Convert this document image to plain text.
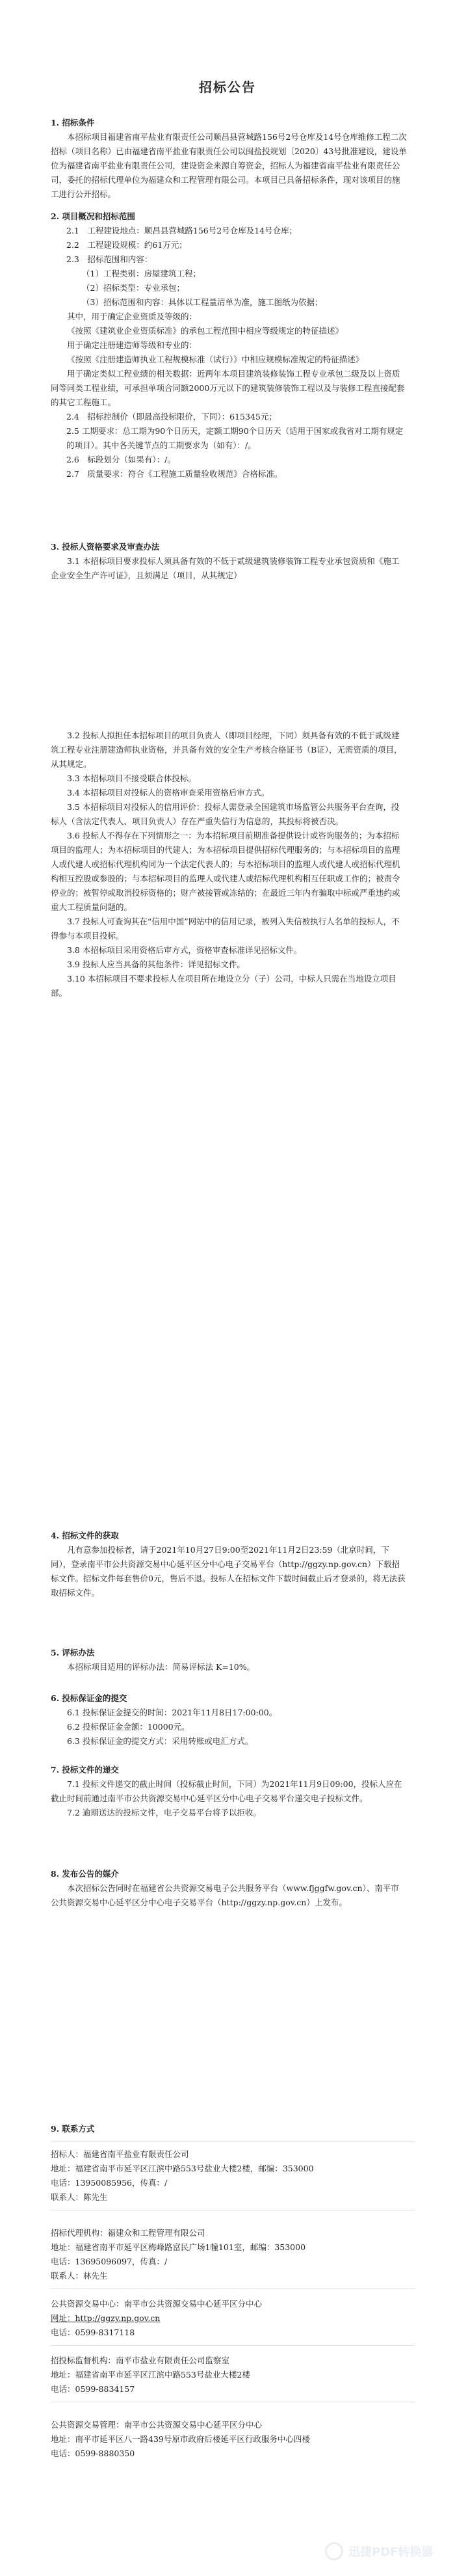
招标公告
1. 招标条件

本招标项目福建省南平盐业有限责任公司顺昌县营城路156号2号仓库及14号仓库维修工程二次招标（项目名称）已由福建省南平盐业有限责任公司以闽盐投规划〔2020〕43号批准建设，建设单位为福建省南平盐业有限责任公司，建设资金来源自筹资金，招标人为福建省南平盐业有限责任公司，委托的招标代理单位为福建众和工程管理有限公司。本项目已具备招标条件，现对该项目的施工进行公开招标。

2. 项目概况和招标范围

2.1　工程建设地点：顺昌县营城路156号2号仓库及14号仓库；

2.2　工程建设规模：约61万元；

2.3　招标范围和内容：

（1）工程类别：房屋建筑工程；

（2）招标类型：专业承包；

（3）招标范围和内容：具体以工程量清单为准，施工图纸为依据；

其中，用于确定企业资质及等级的：

《按照《建筑业企业资质标准》的承包工程范围中相应等级规定的特征描述》

用于确定注册建造师等级和专业的：

《按照《注册建造师执业工程规模标准（试行）》中相应规模标准规定的特征描述》

用于确定类似工程业绩的相关数据：近两年本项目建筑装修装饰工程专业承包二级及以上资质同等同类工程业绩，可承担单项合同额2000万元以下的建筑装修装饰工程以及与装修工程直接配套的其它工程施工。

2.4　招标控制价（即最高投标限价，下同）：615345元；

2.5 工期要求：总工期为90个日历天，定额工期90个日历天（适用于国家或我省对工期有规定的项目）。其中各关键节点的工期要求为（如有）：/。

2.6　标段划分（如果有）：/。

2.7　质量要求：符合《工程施工质量验收规范》合格标准。

3. 投标人资格要求及审查办法

3.1 本招标项目要求投标人须具备有效的不低于贰级建筑装修装饰工程专业承包资质和《施工企业安全生产许可证》，且须满足（项目，从其规定）

3.2 投标人拟担任本招标项目的项目负责人（即项目经理，下同）须具备有效的不低于贰级建筑工程专业注册建造师执业资格，并具备有效的安全生产考核合格证书（B证），无需资质的项目，从其规定。

3.3 本招标项目不接受联合体投标。

3.4 本招标项目对投标人的资格审查采用资格后审方式。

3.5 本招标项目对投标人的信用评价：投标人需登录全国建筑市场监管公共服务平台查询，投标人（含法定代表人、项目负责人）存在严重失信行为信息的，其投标将被否决。

3.6 投标人不得存在下列情形之一：为本招标项目前期准备提供设计或咨询服务的；为本招标项目的监理人；为本招标项目的代建人；为本招标项目提供招标代理服务的；与本招标项目的监理人或代建人或招标代理机构同为一个法定代表人的；与本招标项目的监理人或代建人或招标代理机构相互控股或参股的；与本招标项目的监理人或代建人或招标代理机构相互任职或工作的；被责令停业的；被暂停或取消投标资格的；财产被接管或冻结的；在最近三年内有骗取中标或严重违约或重大工程质量问题的。

3.7 投标人可查询其在“信用中国”网站中的信用记录，被列入失信被执行人名单的投标人，不得参与本项目投标。

3.8 本招标项目采用资格后审方式，资格审查标准详见招标文件。

3.9 投标人应当具备的其他条件：详见招标文件。

3.10 本招标项目不要求投标人在项目所在地设立分（子）公司，中标人只需在当地设立项目部。

4. 招标文件的获取

凡有意参加投标者，请于2021年10月27日9:00至2021年11月2日23:59（北京时间，下同），登录南平市公共资源交易中心延平区分中心电子交易平台（http://ggzy.np.gov.cn）下载招标文件。招标文件每套售价0元，售后不退。投标人在招标文件下载时间截止后才登录的，将无法获取招标文件。

5. 评标办法

本招标项目适用的评标办法：简易评标法 K=10%。

6. 投标保证金的提交

6.1 投标保证金提交的时间：2021年11月8日17:00:00。

6.2 投标保证金金额：10000元。

6.3 投标保证金的提交方式：采用转账或电汇方式。

7. 投标文件的递交

7.1 投标文件递交的截止时间（投标截止时间，下同）为2021年11月9日09:00，投标人应在截止时间前通过南平市公共资源交易中心延平区分中心电子交易平台递交电子投标文件。

7.2 逾期送达的投标文件，电子交易平台将予以拒收。

8. 发布公告的媒介

本次招标公告同时在福建省公共资源交易电子公共服务平台（www.fjggfw.gov.cn）、南平市公共资源交易中心延平区分中心电子交易平台（http://ggzy.np.gov.cn）上发布。

9. 联系方式
招标人：福建省南平盐业有限责任公司
地址：福建省南平市延平区江滨中路553号盐业大楼2楼，邮编：353000
电话：13950085956，传真：/
联系人：陈先生
招标代理机构：福建众和工程管理有限公司
地址：福建省南平市延平区梅峰路富民广场1幢101室，邮编：353000
电话：13695096097，传真：/
联系人：林先生
公共资源交易中心：南平市公共资源交易中心延平区分中心
网址：http://ggzy.np.gov.cn
电话：0599-8317118
招投标监督机构：南平市盐业有限责任公司监察室
地址：福建省南平市延平区江滨中路553号盐业大楼2楼
电话：0599-8834157
公共资源交易管理：南平市公共资源交易中心延平区分中心
地址：南平市延平区八一路439号原市政府后楼延平区行政服务中心四楼
电话：0599-8880350
迅捷PDF转换器
